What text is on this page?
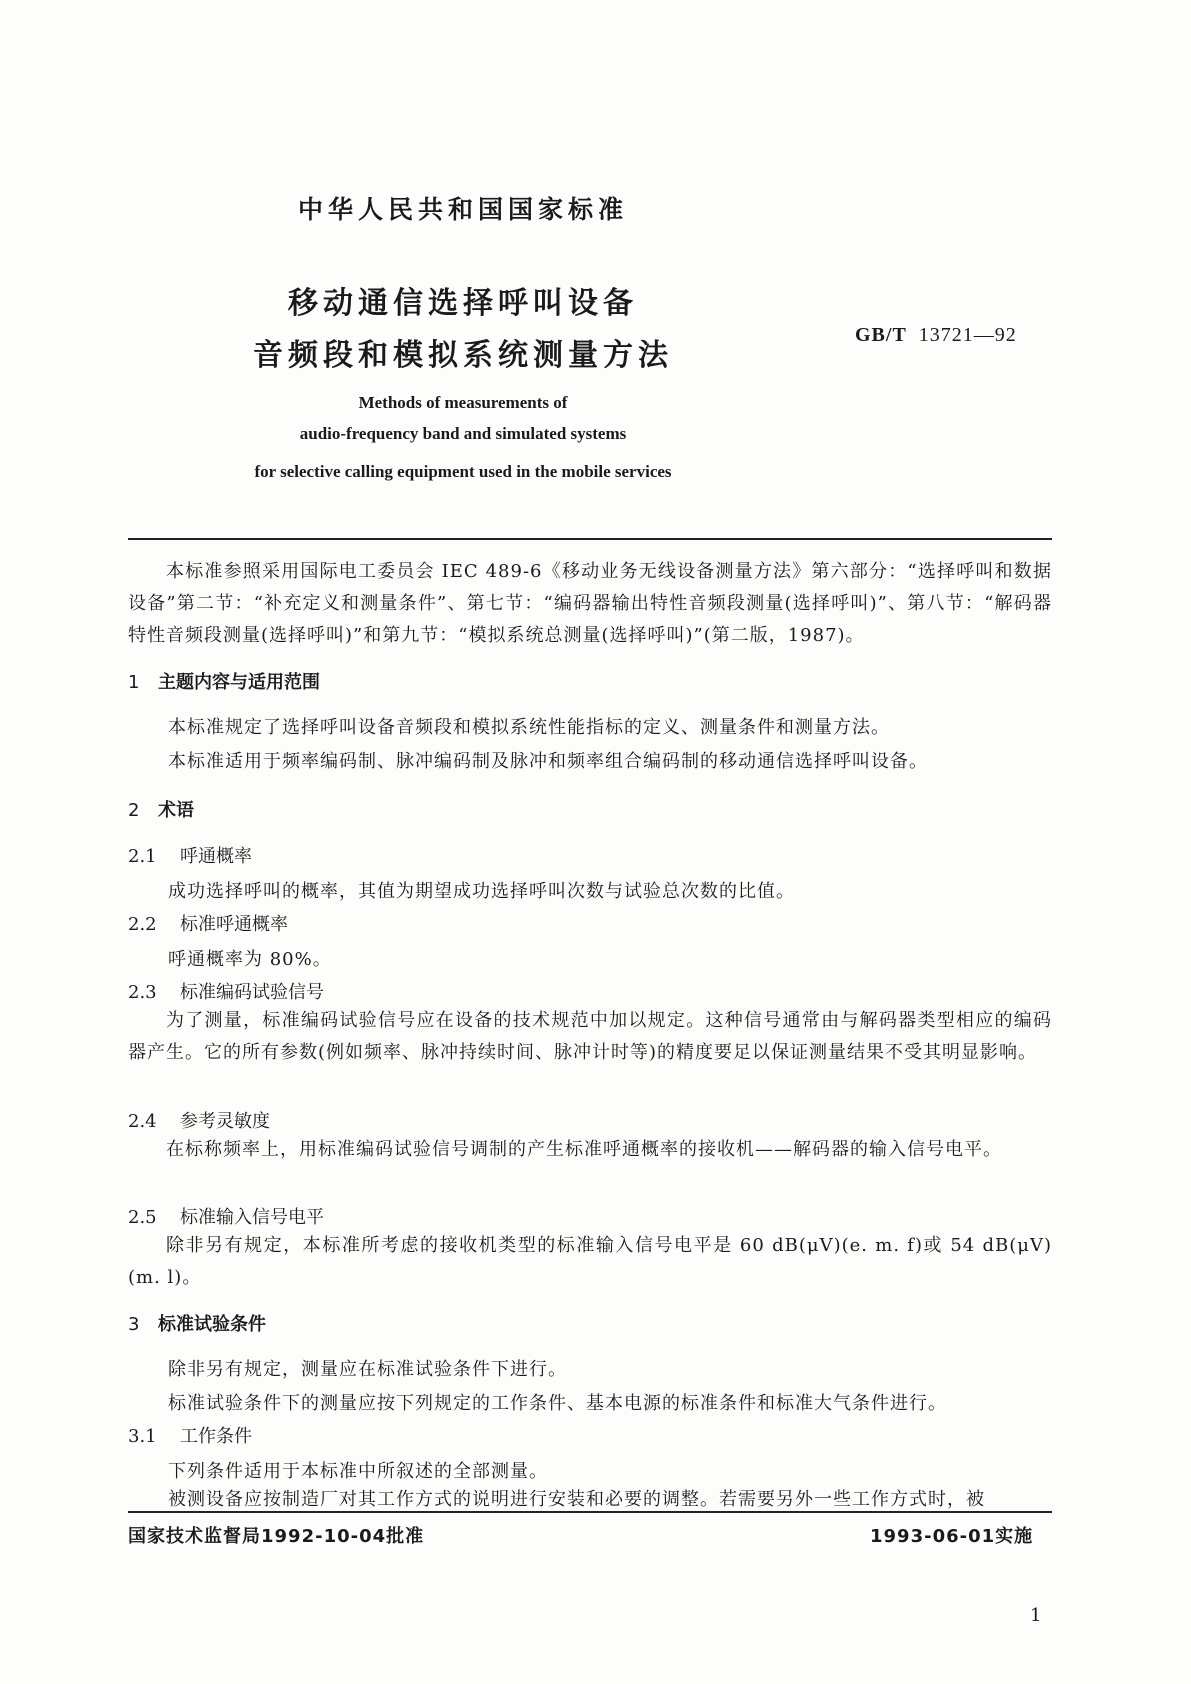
中华人民共和国国家标准
移动通信选择呼叫设备
音频段和模拟系统测量方法
GB/T 13721—92
Methods of measurements of
audio-frequency band and simulated systems
for selective calling equipment used in the mobile services
本标准参照采用国际电工委员会 IEC 489-6《移动业务无线设备测量方法》第六部分：“选择呼叫和数据设备”第二节：“补充定义和测量条件”、第七节：“编码器输出特性音频段测量(选择呼叫)”、第八节：“解码器特性音频段测量(选择呼叫)”和第九节：“模拟系统总测量(选择呼叫)”(第二版，1987)。
1 主题内容与适用范围
本标准规定了选择呼叫设备音频段和模拟系统性能指标的定义、测量条件和测量方法。
本标准适用于频率编码制、脉冲编码制及脉冲和频率组合编码制的移动通信选择呼叫设备。
2 术语
2.1 呼通概率
成功选择呼叫的概率，其值为期望成功选择呼叫次数与试验总次数的比值。
2.2 标准呼通概率
呼通概率为 80%。
2.3 标准编码试验信号
为了测量，标准编码试验信号应在设备的技术规范中加以规定。这种信号通常由与解码器类型相应的编码器产生。它的所有参数(例如频率、脉冲持续时间、脉冲计时等)的精度要足以保证测量结果不受其明显影响。
2.4 参考灵敏度
在标称频率上，用标准编码试验信号调制的产生标准呼通概率的接收机——解码器的输入信号电平。
2.5 标准输入信号电平
除非另有规定，本标准所考虑的接收机类型的标准输入信号电平是 60 dB(μV)(e. m. f)或 54 dB(μV)(m. l)。
3 标准试验条件
除非另有规定，测量应在标准试验条件下进行。
标准试验条件下的测量应按下列规定的工作条件、基本电源的标准条件和标准大气条件进行。
3.1 工作条件
下列条件适用于本标准中所叙述的全部测量。
被测设备应按制造厂对其工作方式的说明进行安装和必要的调整。若需要另外一些工作方式时，被
国家技术监督局1992-10-04批准	1993-06-01实施
1
